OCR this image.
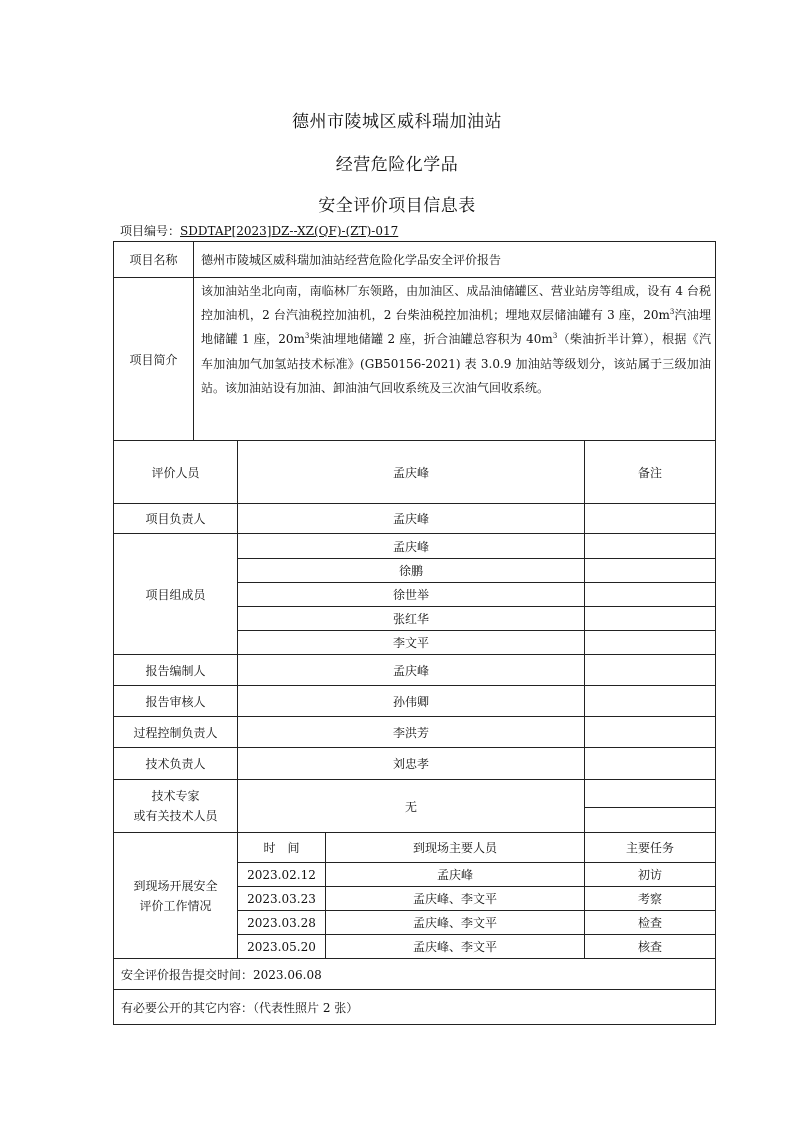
德州市陵城区威科瑞加油站
经营危险化学品
安全评价项目信息表
项目编号：SDDTAP[2023]DZ--XZ(QF)-(ZT)-017
项目名称	德州市陵城区威科瑞加油站经营危险化学品安全评价报告
项目简介	该加油站坐北向南，南临林厂东领路，由加油区、成品油储罐区、营业站房等组成，设有 4 台税控加油机，2 台汽油税控加油机，2 台柴油税控加油机；埋地双层储油罐有 3 座，$20m^3$汽油埋地储罐 1 座，$20m^3$柴油埋地储罐 2 座，折合油罐总容积为 $40m^3$（柴油折半计算），根据《汽车加油加气加氢站技术标准》(GB50156-2021) 表 3.0.9 加油站等级划分，该站属于三级加油站。该加油站设有加油、卸油油气回收系统及三次油气回收系统。
评价人员	孟庆峰		备注
项目负责人	孟庆峰		
项目组成员	孟庆峰		
	徐鹏		
	徐世举		
	张红华		
	李文平		
报告编制人	孟庆峰		
报告审核人	孙伟卿		
过程控制负责人	李洪芳		
技术负责人	刘忠孝		

技术专家
或有关技术人员	无		

到现场开展安全
评价工作情况	时　间	到现场主要人员	主要任务
	2023.02.12	孟庆峰	初访
	2023.03.23	孟庆峰、李文平	考察
	2023.03.28	孟庆峰、李文平	检查
	2023.05.20	孟庆峰、李文平	核查
安全评价报告提交时间：2023.06.08			
有必要公开的其它内容：（代表性照片 2 张）			
